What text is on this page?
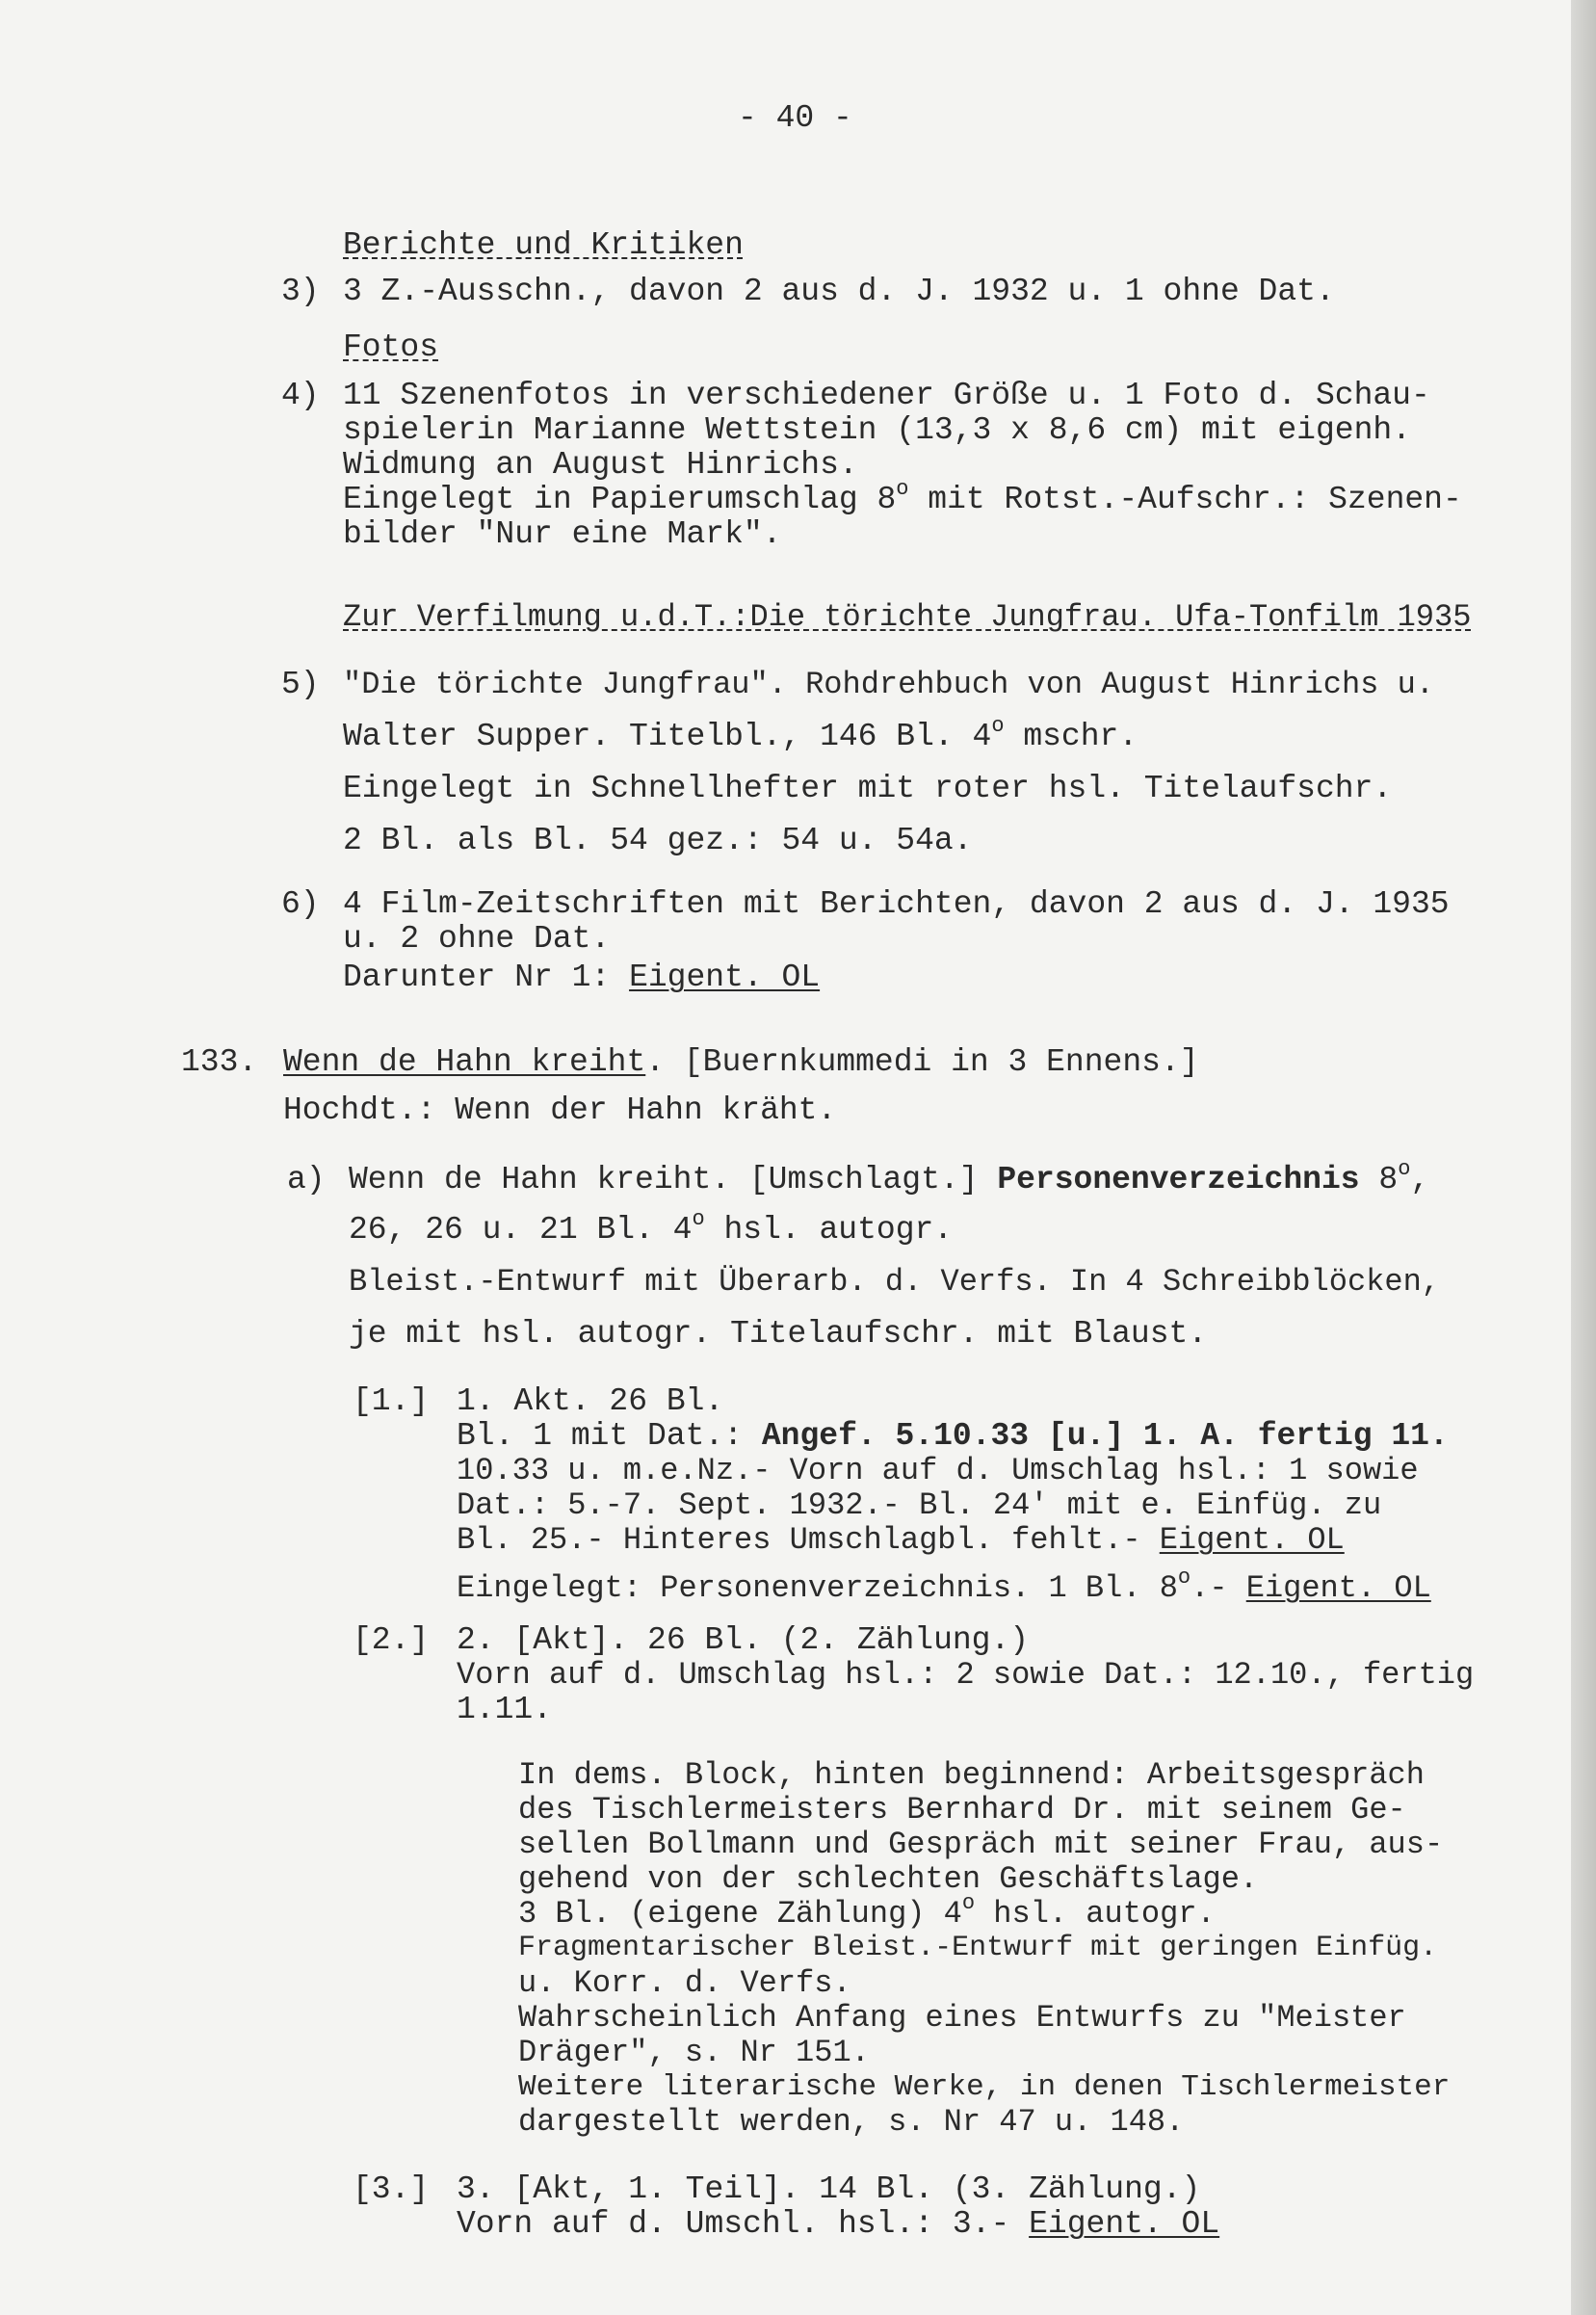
- 40 -
Berichte und Kritiken
3) 3 Z.-Ausschn., davon 2 aus d. J. 1932 u. 1 ohne Dat.
Fotos
4) 11 Szenenfotos in verschiedener Größe u. 1 Foto d. Schau-
spielerin Marianne Wettstein (13,3 x 8,6 cm) mit eigenh.
Widmung an August Hinrichs.
Eingelegt in Papierumschlag 8$^o$ mit Rotst.-Aufschr.: Szenen-
bilder "Nur eine Mark".
Zur Verfilmung u.d.T.:Die törichte Jungfrau. Ufa-Tonfilm 1935
5) "Die törichte Jungfrau". Rohdrehbuch von August Hinrichs u.
Walter Supper. Titelbl., 146 Bl. 4$^o$ mschr.
Eingelegt in Schnellhefter mit roter hsl. Titelaufschr.
2 Bl. als Bl. 54 gez.: 54 u. 54a.
6) 4 Film-Zeitschriften mit Berichten, davon 2 aus d. J. 1935
u. 2 ohne Dat.
Darunter Nr 1: Eigent. OL
133. Wenn de Hahn kreiht. [Buernkummedi in 3 Ennens.]
Hochdt.: Wenn der Hahn kräht.
a) Wenn de Hahn kreiht. [Umschlagt.] Personenverzeichnis 8$^o$,
26, 26 u. 21 Bl. 4$^o$ hsl. autogr.
Bleist.-Entwurf mit Überarb. d. Verfs. In 4 Schreibblöcken,
je mit hsl. autogr. Titelaufschr. mit Blaust.
[1.] 1. Akt. 26 Bl.
Bl. 1 mit Dat.: Angef. 5.10.33 [u.] 1. A. fertig 11.
10.33 u. m.e.Nz.- Vorn auf d. Umschlag hsl.: 1 sowie
Dat.: 5.-7. Sept. 1932.- Bl. 24' mit e. Einfüg. zu
Bl. 25.- Hinteres Umschlagbl. fehlt.- Eigent. OL
Eingelegt: Personenverzeichnis. 1 Bl. 8$^o$.- Eigent. OL
[2.] 2. [Akt]. 26 Bl. (2. Zählung.)
Vorn auf d. Umschlag hsl.: 2 sowie Dat.: 12.10., fertig
1.11.
In dems. Block, hinten beginnend: Arbeitsgespräch
des Tischlermeisters Bernhard Dr. mit seinem Ge-
sellen Bollmann und Gespräch mit seiner Frau, aus-
gehend von der schlechten Geschäftslage.
3 Bl. (eigene Zählung) 4$^o$ hsl. autogr.
Fragmentarischer Bleist.-Entwurf mit geringen Einfüg.
u. Korr. d. Verfs.
Wahrscheinlich Anfang eines Entwurfs zu "Meister
Dräger", s. Nr 151.
Weitere literarische Werke, in denen Tischlermeister
dargestellt werden, s. Nr 47 u. 148.
[3.] 3. [Akt, 1. Teil]. 14 Bl. (3. Zählung.)
Vorn auf d. Umschl. hsl.: 3.- Eigent. OL
